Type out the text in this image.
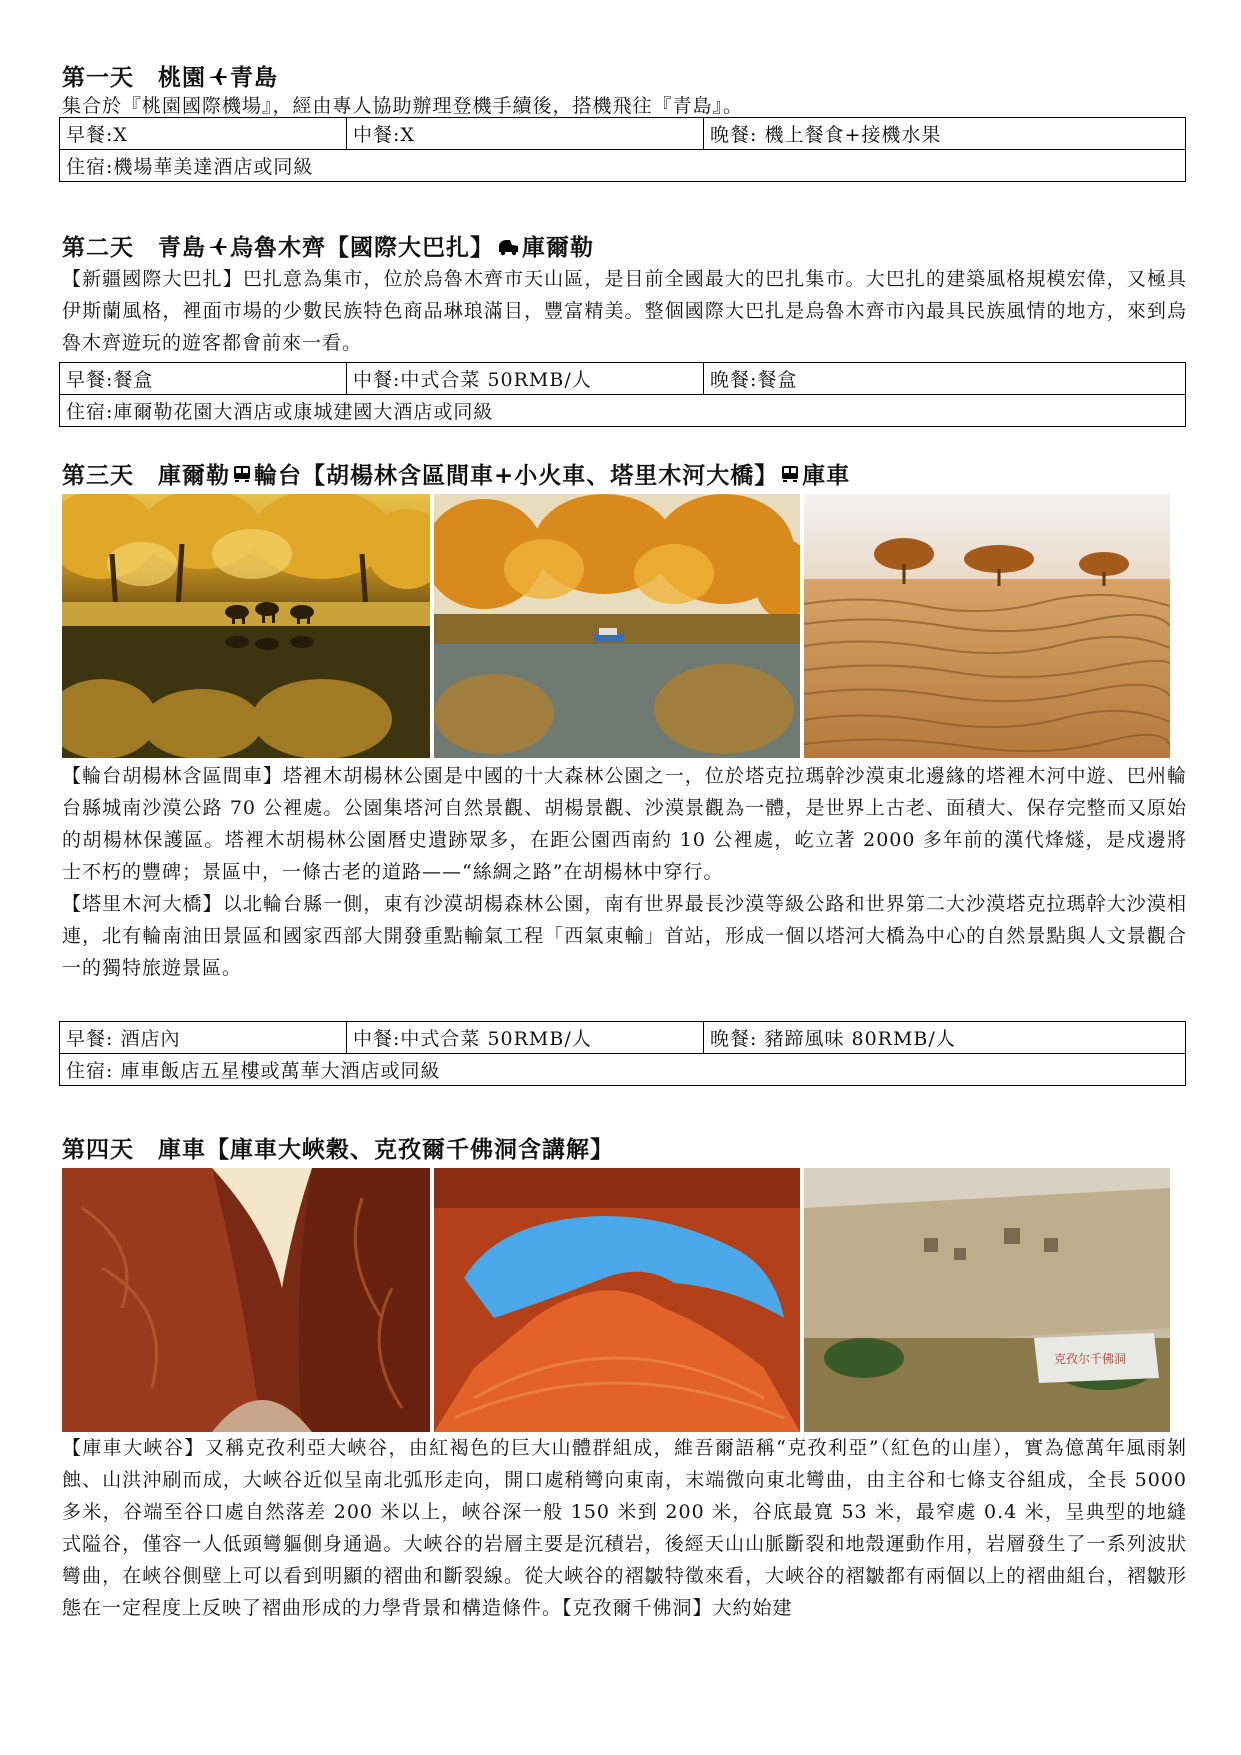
第一天　桃園 青島

集合於『桃園國際機場』，經由專人協助辦理登機手續後，搭機飛往『青島』。

早餐:X	中餐:X	晚餐: 機上餐食+接機水果
住宿:機場華美達酒店或同級
第二天　青島 烏魯木齊【國際大巴扎】 庫爾勒

【新疆國際大巴扎】巴扎意為集市，位於烏魯木齊市天山區，是目前全國最大的巴扎集市。大巴扎的建築風格規模宏偉，又極具伊斯蘭風格，裡面市場的少數民族特色商品琳琅滿目，豐富精美。整個國際大巴扎是烏魯木齊市內最具民族風情的地方，來到烏魯木齊遊玩的遊客都會前來一看。

早餐:餐盒	中餐:中式合菜 50RMB/人	晚餐:餐盒
住宿:庫爾勒花園大酒店或康城建國大酒店或同級
第三天　庫爾勒 輪台【胡楊林含區間車+小火車、塔里木河大橋】 庫車

【輪台胡楊林含區間車】塔裡木胡楊林公園是中國的十大森林公園之一，位於塔克拉瑪幹沙漠東北邊緣的塔裡木河中遊、巴州輪台縣城南沙漠公路 70 公裡處。公園集塔河自然景觀、胡楊景觀、沙漠景觀為一體，是世界上古老、面積大、保存完整而又原始的胡楊林保護區。塔裡木胡楊林公園曆史遺跡眾多，在距公園西南約 10 公裡處，屹立著 2000 多年前的漢代烽燧，是戍邊將士不朽的豐碑；景區中，一條古老的道路——“絲綢之路”在胡楊林中穿行。

【塔里木河大橋】以北輪台縣一側，東有沙漠胡楊森林公園，南有世界最長沙漠等級公路和世界第二大沙漠塔克拉瑪幹大沙漠相連，北有輪南油田景區和國家西部大開發重點輸氣工程「西氣東輸」首站，形成一個以塔河大橋為中心的自然景點與人文景觀合一的獨特旅遊景區。

早餐: 酒店內	中餐:中式合菜 50RMB/人	晚餐: 豬蹄風味 80RMB/人
住宿: 庫車飯店五星樓或萬華大酒店或同級
第四天　庫車【庫車大峽穀、克孜爾千佛洞含講解】
克孜尔千佛洞

【庫車大峽谷】又稱克孜利亞大峽谷，由紅褐色的巨大山體群組成，維吾爾語稱“克孜利亞”（紅色的山崖），實為億萬年風雨剝蝕、山洪沖刷而成，大峽谷近似呈南北弧形走向，開口處稍彎向東南，末端微向東北彎曲，由主谷和七條支谷組成，全長 5000 多米，谷端至谷口處自然落差 200 米以上，峽谷深一般 150 米到 200 米，谷底最寬 53 米，最窄處 0.4 米，呈典型的地縫式隘谷，僅容一人低頭彎軀側身通過。大峽谷的岩層主要是沉積岩，後經天山山脈斷裂和地殼運動作用，岩層發生了一系列波狀彎曲，在峽谷側壁上可以看到明顯的褶曲和斷裂線。從大峽谷的褶皺特徵來看，大峽谷的褶皺都有兩個以上的褶曲組台，褶皺形態在一定程度上反映了褶曲形成的力學背景和構造條件。【克孜爾千佛洞】大約始建
